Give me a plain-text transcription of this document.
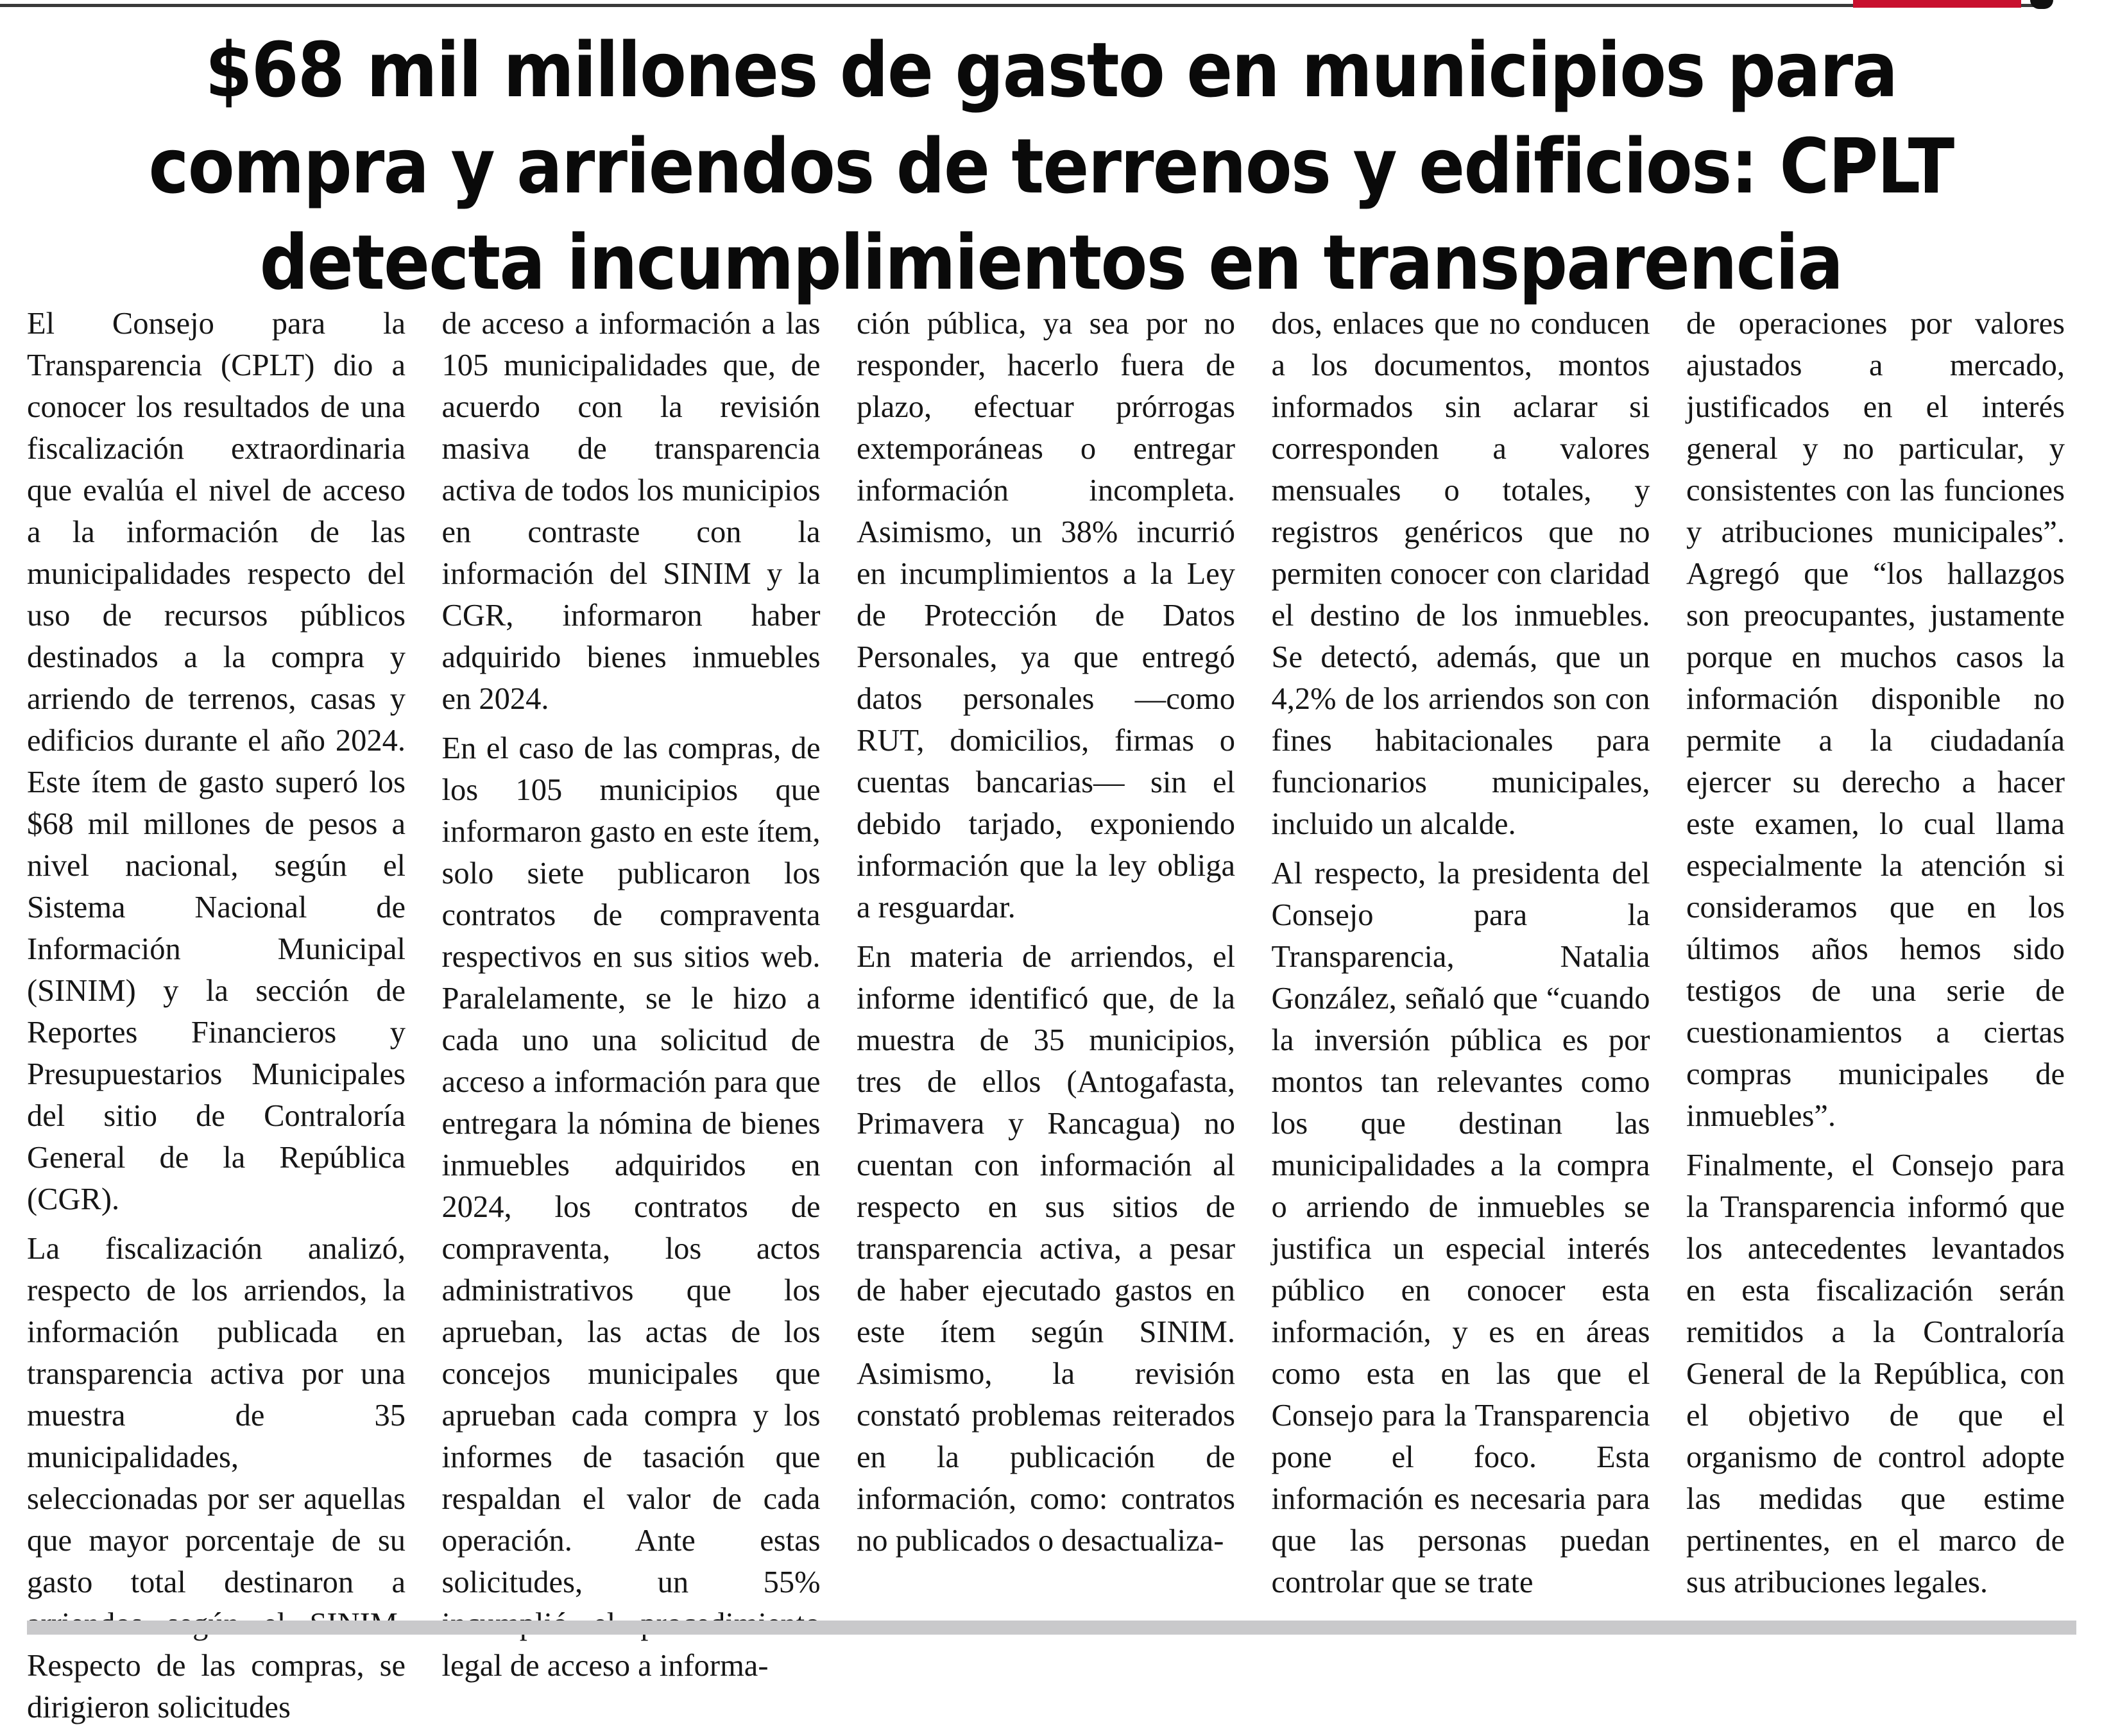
$68 mil millones de gasto en municipios para compra y arriendos de terrenos y edificios: CPLT detecta incumplimientos en transparencia

El Consejo para la Transparencia (CPLT) dio a conocer los resultados de una fiscalización extraordinaria que evalúa el nivel de acceso a la información de las municipalidades respecto del uso de recursos públicos destinados a la compra y arriendo de terrenos, casas y edificios durante el año 2024. Este ítem de gasto superó los $68 mil millones de pesos a nivel nacional, según el Sistema Nacional de Información Municipal (SINIM) y la sección de Reportes Financieros y Presupuestarios Municipales del sitio de Contraloría General de la República (CGR).

La fiscalización analizó, respecto de los arriendos, la información publicada en transparencia activa por una muestra de 35 municipalidades, seleccionadas por ser aquellas que mayor porcentaje de su gasto total destinaron a Respecto de las compras, se dirigieron solicitudes

de acceso a información a las 105 municipalidades que, de acuerdo con la revisión masiva de transparencia activa de todos los municipios en contraste con la información del SINIM y la CGR, informaron haber adquirido bienes inmuebles en 2024.

En el caso de las compras, de los 105 municipios que informaron gasto en este ítem, solo siete publicaron los contratos de compraventa respectivos en sus sitios web. Paralelamente, se le hizo a cada uno una solicitud de acceso a información para que entregara la nómina de bienes inmuebles adquiridos en 2024, los contratos de compraventa, los actos administrativos que los aprueban, las actas de los concejos municipales que aprueban cada compra y los informes de tasación que respaldan el valor de cada operación. Ante estas solicitudes, un 55% legal de acceso a informa-

ción pública, ya sea por no responder, hacerlo fuera de plazo, efectuar prórrogas extemporáneas o entregar información incompleta. Asimismo, un 38% incurrió en incumplimientos a la Ley de Protección de Datos Personales, ya que entregó datos personales —como RUT, domicilios, firmas o cuentas bancarias— sin el debido tarjado, exponiendo información que la ley obliga a resguardar.

En materia de arriendos, el informe identificó que, de la muestra de 35 municipios, tres de ellos (Antogafasta, Primavera y Rancagua) no cuentan con información al respecto en sus sitios de transparencia activa, a pesar de haber ejecutado gastos en este ítem según SINIM. Asimismo, la revisión constató problemas reiterados en la publicación de información, como: contratos no publicados o desactualiza-

dos, enlaces que no conducen a los documentos, montos informados sin aclarar si corresponden a valores mensuales o totales, y registros genéricos que no permiten conocer con claridad el destino de los inmuebles. Se detectó, además, que un 4,2% de los arriendos son con fines habitacionales para funcionarios municipales, incluido un alcalde.

Al respecto, la presidenta del Consejo para la Transparencia, Natalia González, señaló que “cuando la inversión pública es por montos tan relevantes como los que destinan las municipalidades a la compra o arriendo de inmuebles se justifica un especial interés público en conocer esta información, y es en áreas como esta en las que el Consejo para la Transparencia pone el foco. Esta información es necesaria para que las personas puedan controlar que se trate

de operaciones por valores ajustados a mercado, justificados en el interés general y no particular, y consistentes con las funciones y atribuciones municipales”. Agregó que “los hallazgos son preocupantes, justamente porque en muchos casos la información disponible no permite a la ciudadanía ejercer su derecho a hacer este examen, lo cual llama especialmente la atención si consideramos que en los últimos años hemos sido testigos de una serie de cuestionamientos a ciertas compras municipales de inmuebles”.

Finalmente, el Consejo para la Transparencia informó que los antecedentes levantados en esta fiscalización serán remitidos a la Contraloría General de la República, con el objetivo de que el organismo de control adopte las medidas que estime pertinentes, en el marco de sus atribuciones legales.
